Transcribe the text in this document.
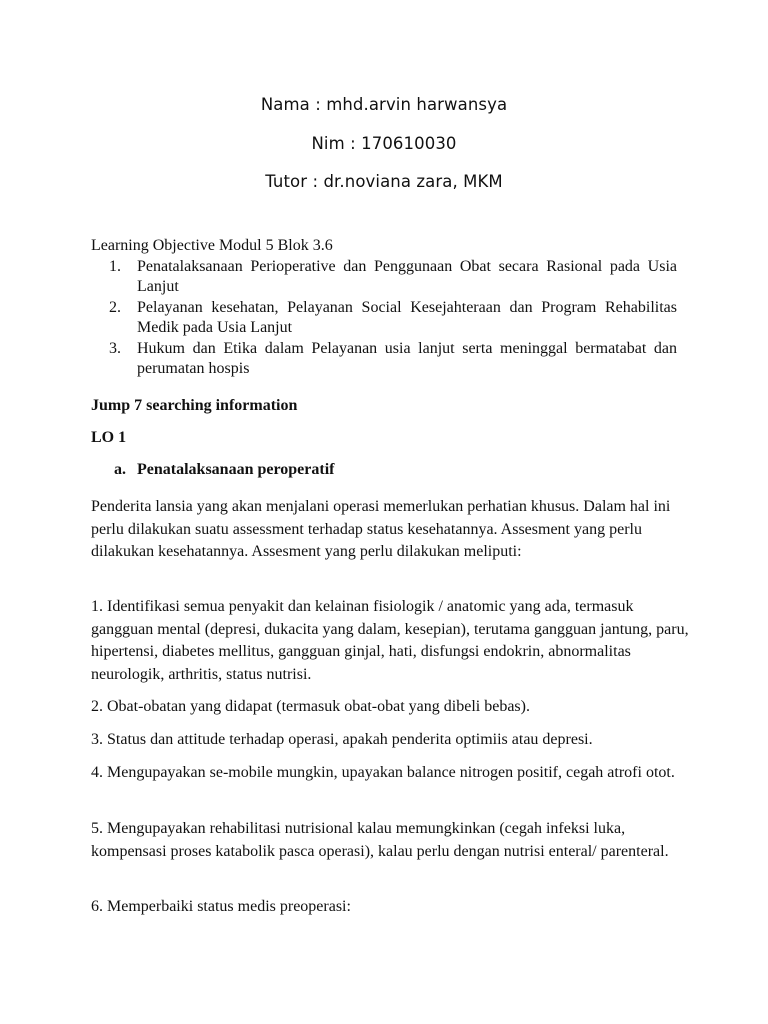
Nama : mhd.arvin harwansya
Nim : 170610030
Tutor : dr.noviana zara, MKM
Learning Objective Modul 5 Blok 3.6
1. Penatalaksanaan Perioperative dan Penggunaan Obat secara Rasional pada Usia Lanjut
2. Pelayanan kesehatan, Pelayanan Social Kesejahteraan dan Program Rehabilitas Medik pada Usia Lanjut
3. Hukum dan Etika dalam Pelayanan usia lanjut serta meninggal bermatabat dan perumatan hospis
Jump 7 searching information
LO 1
a. Penatalaksanaan peroperatif

Penderita lansia yang akan menjalani operasi memerlukan perhatian khusus. Dalam hal ini perlu dilakukan suatu assessment terhadap status kesehatannya. Assesment yang perlu dilakukan kesehatannya. Assesment yang perlu dilakukan meliputi:

1. Identifikasi semua penyakit dan kelainan fisiologik / anatomic yang ada, termasuk gangguan mental (depresi, dukacita yang dalam, kesepian), terutama gangguan jantung, paru, hipertensi, diabetes mellitus, gangguan ginjal, hati, disfungsi endokrin, abnormalitas neurologik, arthritis, status nutrisi.

2. Obat-obatan yang didapat (termasuk obat-obat yang dibeli bebas).

3. Status dan attitude terhadap operasi, apakah penderita optimiis atau depresi.

4. Mengupayakan se-mobile mungkin, upayakan balance nitrogen positif, cegah atrofi otot.

5. Mengupayakan rehabilitasi nutrisional kalau memungkinkan (cegah infeksi luka, kompensasi proses katabolik pasca operasi), kalau perlu dengan nutrisi enteral/ parenteral.

6. Memperbaiki status medis preoperasi:
